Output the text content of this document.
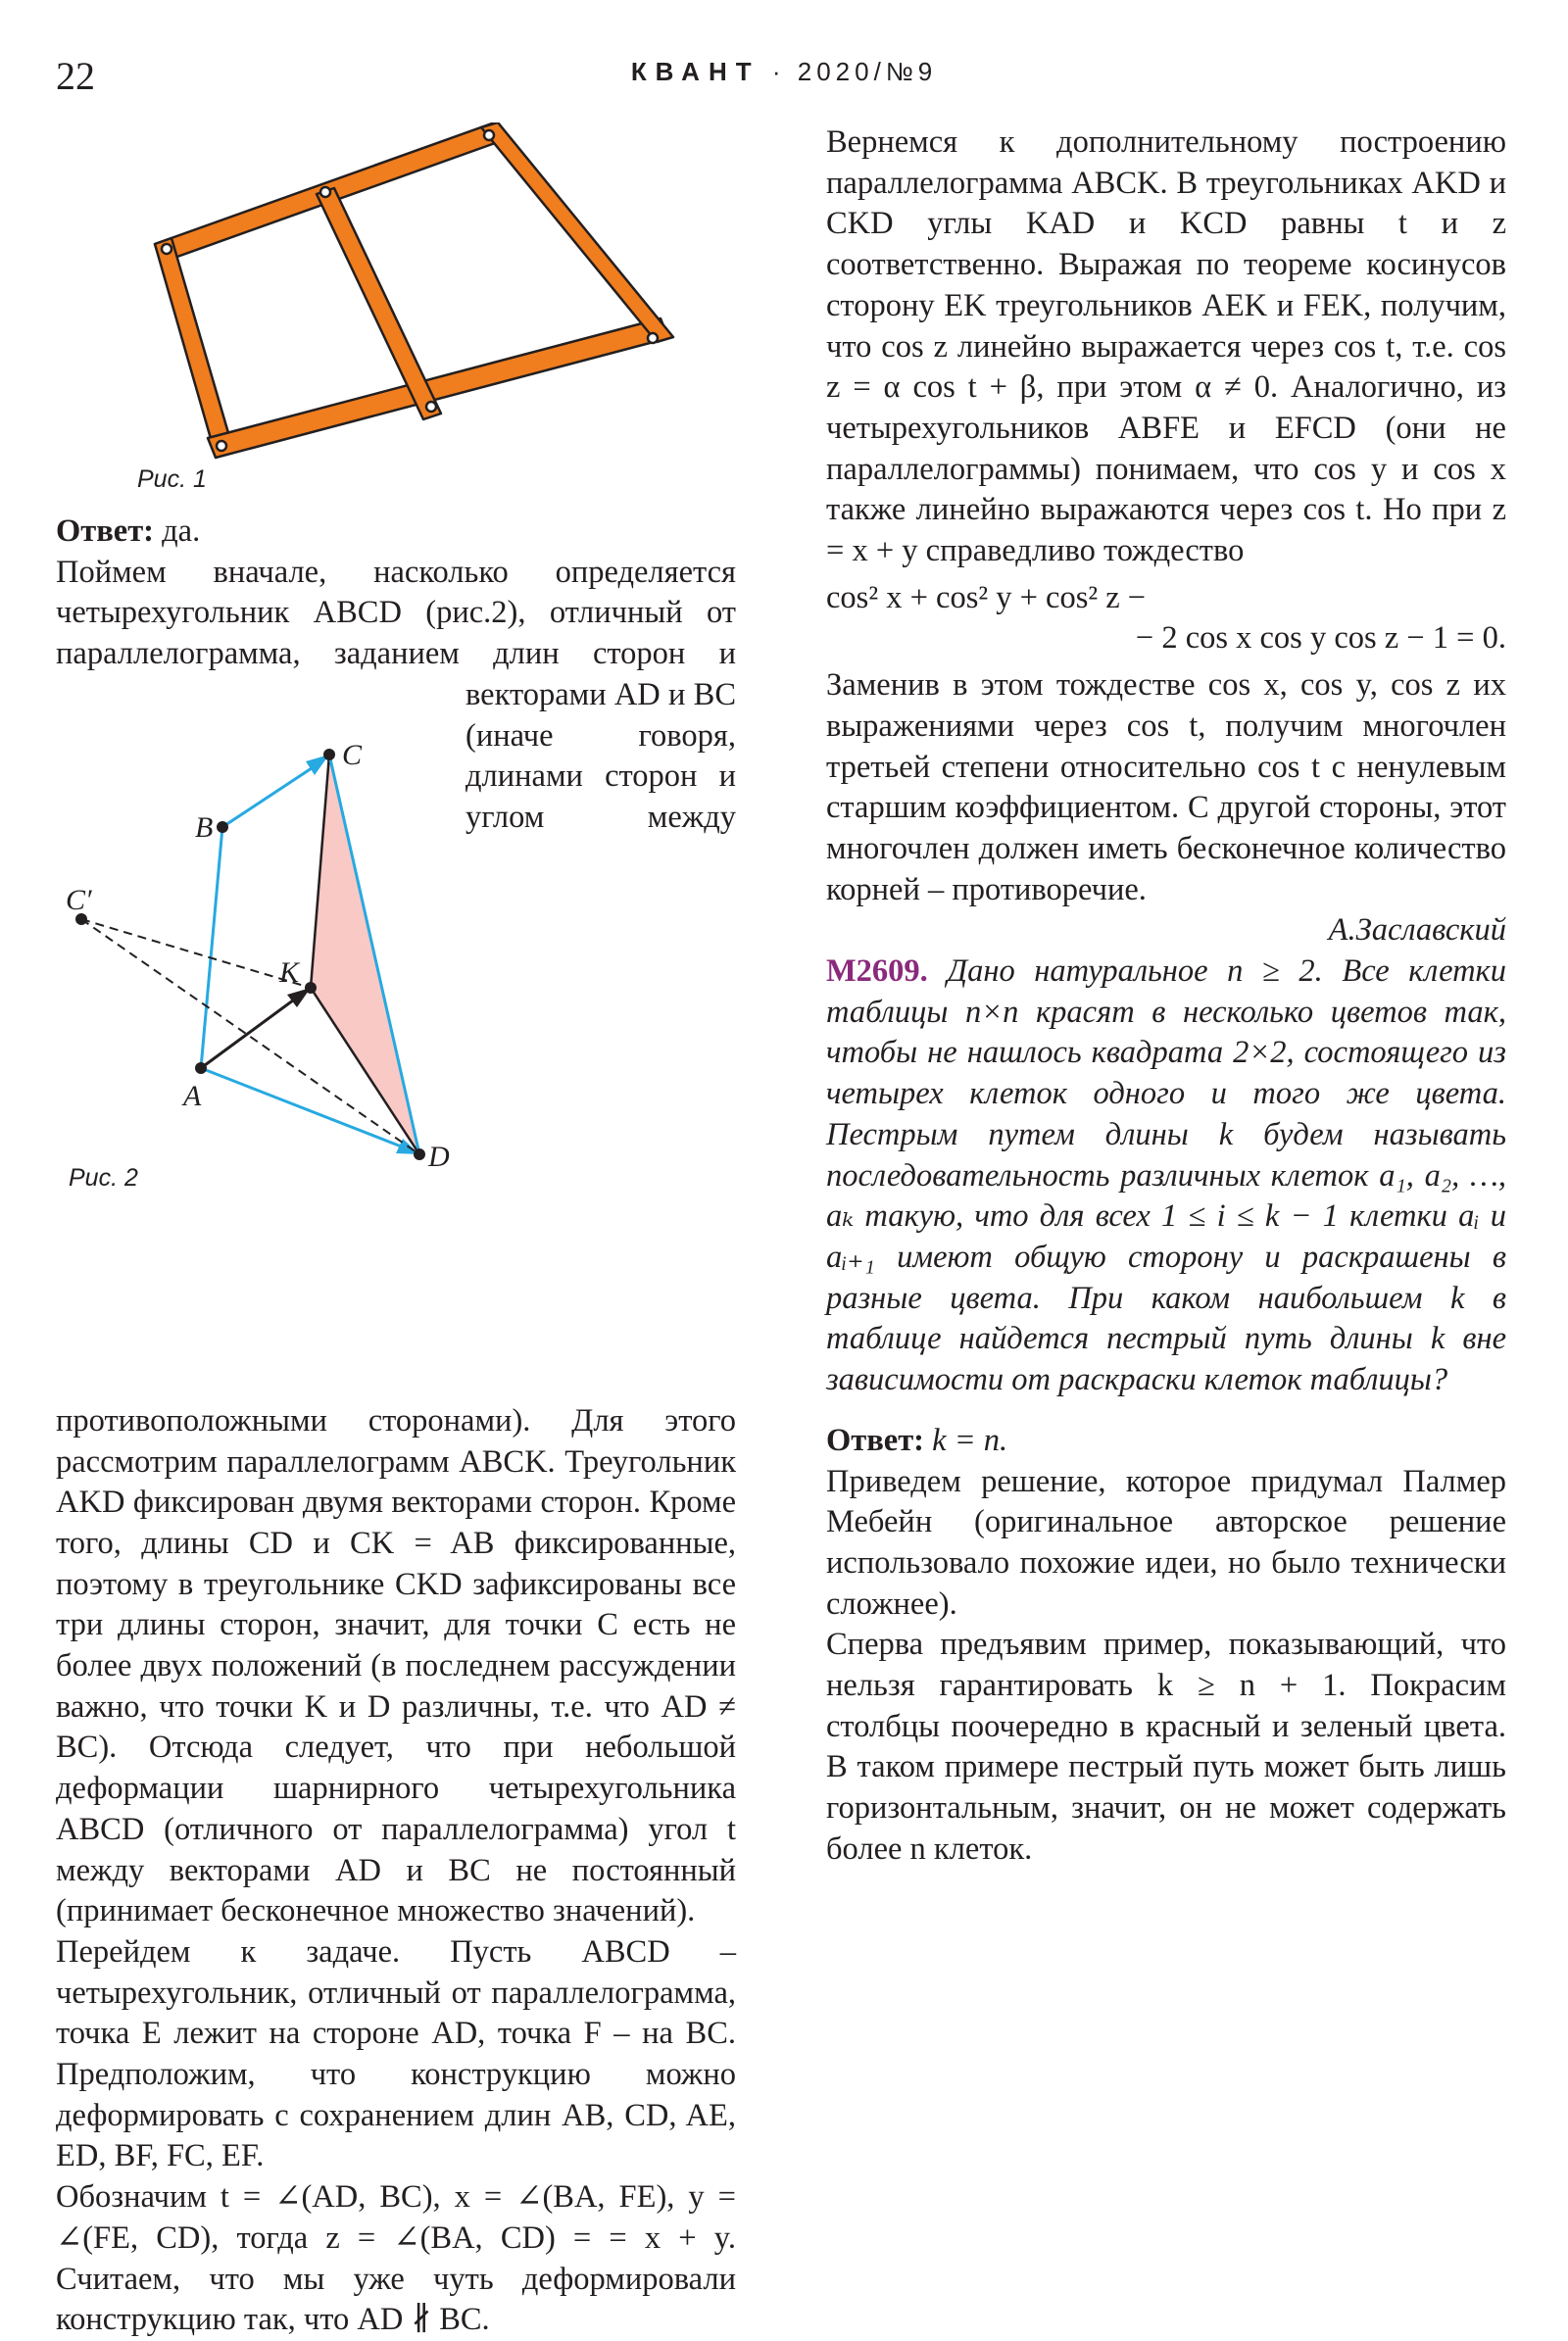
22	КВАНТ · 2020/№9
Рис. 1

Ответ: да.

Поймем вначале, насколько определяется четырехугольник ABCD (рис.2), отличный от параллелограмма, заданием длин сторон и векторами AD и BC
(иначе говоря, длинами сторон и углом между противоположными сторонами). Для этого рассмотрим параллелограмм ABCK. Треугольник AKD фиксирован двумя векторами сторон. Кроме того, длины CD и CK = AB фиксированные, поэтому в треугольнике CKD зафиксированы все три длины сторон, значит, для точки C есть не более двух положений (в последнем рассуждении важно, что точки K и D различны, т.е. что AD ≠ BC). Отсюда следует, что при небольшой деформации шарнирного четырехугольника ABCD (отличного от параллелограмма) угол t между векторами AD и BC не постоянный (принимает бесконечное множество значений).

Перейдем к задаче. Пусть ABCD – четырехугольник, отличный от параллелограмма, точка E лежит на стороне AD, точка F – на BC. Предположим, что конструкцию можно деформировать с сохранением длин AB, CD, AE, ED, BF, FC, EF.

Обозначим t = ∠(AD, BC), x = ∠(BA, FE), y = ∠(FE, CD), тогда z = ∠(BA, CD) = = x + y. Считаем, что мы уже чуть деформировали конструкцию так, что AD ∦ BC.

C
B
C′
K
A
D
Рис. 2

Вернемся к дополнительному построению параллелограмма ABCK. В треугольниках AKD и CKD углы KAD и KCD равны t и z соответственно. Выражая по теореме косинусов сторону EK треугольников AEK и FEK, получим, что cos z линейно выражается через cos t, т.е. cos z = α cos t + β, при этом α ≠ 0. Аналогично, из четырехугольников ABFE и EFCD (они не параллелограммы) понимаем, что cos y и cos x также линейно выражаются через cos t. Но при z = x + y справедливо тождество

cos² x + cos² y + cos² z −
− 2 cos x cos y cos z − 1 = 0.

Заменив в этом тождестве cos x, cos y, cos z их выражениями через cos t, получим многочлен третьей степени относительно cos t с ненулевым старшим коэффициентом. С другой стороны, этот многочлен должен иметь бесконечное количество корней – противоречие.

А.Заславский

М2609. Дано натуральное n ≥ 2. Все клетки таблицы n×n красят в несколько цветов так, чтобы не нашлось квадрата 2×2, состоящего из четырех клеток одного и того же цвета. Пестрым путем длины k будем называть последовательность различных клеток a₁, a₂, …, aₖ такую, что для всех 1 ≤ i ≤ k − 1 клетки aᵢ и aᵢ₊₁ имеют общую сторону и раскрашены в разные цвета. При каком наибольшем k в таблице найдется пестрый путь длины k вне зависимости от раскраски клеток таблицы?

Ответ: k = n.

Приведем решение, которое придумал Палмер Мебейн (оригинальное авторское решение использовало похожие идеи, но было технически сложнее).

Сперва предъявим пример, показывающий, что нельзя гарантировать k ≥ n + 1. Покрасим столбцы поочередно в красный и зеленый цвета. В таком примере пестрый путь может быть лишь горизонтальным, значит, он не может содержать более n клеток.
